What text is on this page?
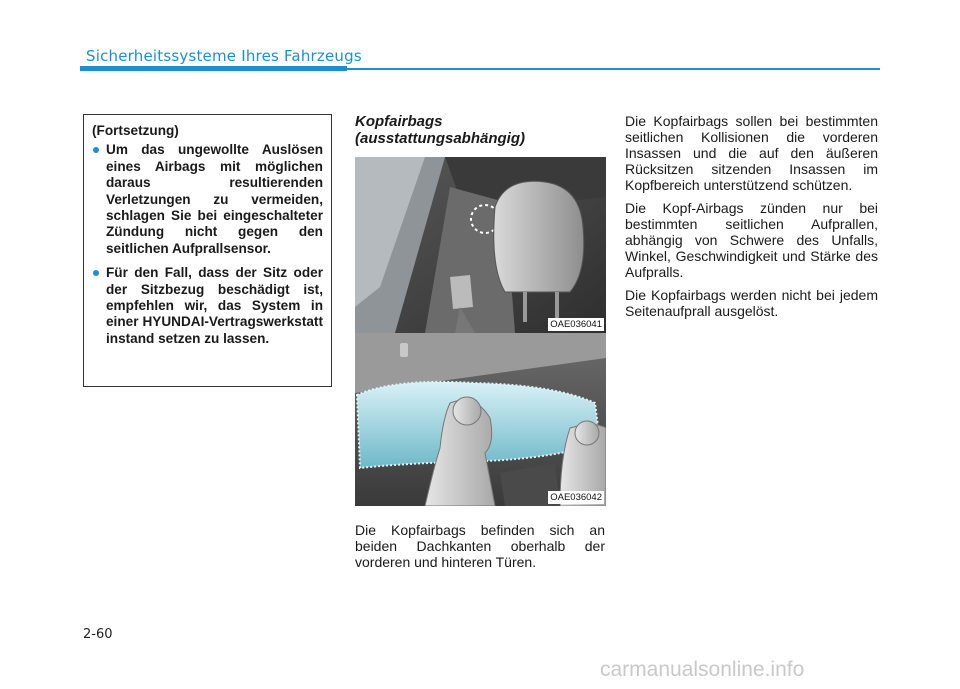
Sicherheitssysteme Ihres Fahrzeugs
(Fortsetzung)
Um das ungewollte Auslösen eines Airbags mit möglichen daraus resultierenden Verletzungen zu vermeiden, schlagen Sie bei eingeschalteter Zündung nicht gegen den seitlichen Aufprallsensor.
Für den Fall, dass der Sitz oder der Sitzbezug beschädigt ist, empfehlen wir, das System in einer HYUNDAI-Vertragswerkstatt instand setzen zu lassen.
Kopfairbags
(ausstattungsabhängig)
OAE036041
OAE036042

Die Kopfairbags befinden sich an beiden Dachkanten oberhalb der vorderen und hinteren Türen.

Die Kopfairbags sollen bei bestimmten seitlichen Kollisionen die vorderen Insassen und die auf den äußeren Rücksitzen sitzenden Insassen im Kopfbereich unterstützend schützen.

Die Kopf-Airbags zünden nur bei bestimmten seitlichen Aufprallen, abhängig von Schwere des Unfalls, Winkel, Geschwindigkeit und Stärke des Aufpralls.

Die Kopfairbags werden nicht bei jedem Seitenaufprall ausgelöst.

2-60
carmanualsonline.info
